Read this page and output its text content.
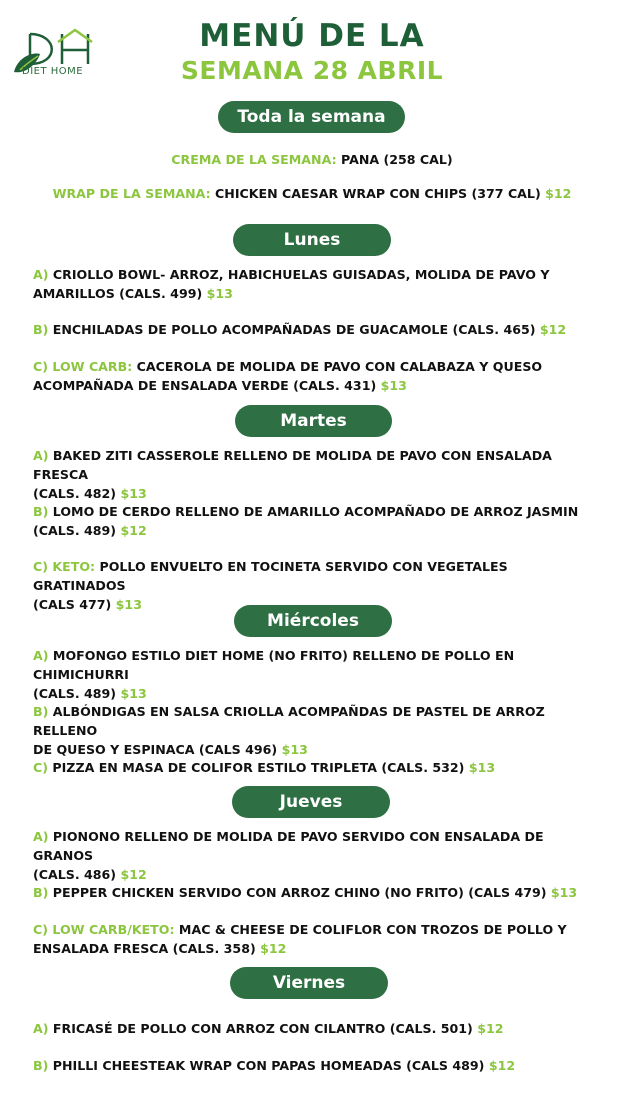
DIET HOME
MENÚ DE LA
SEMANA 28 ABRIL
Toda la semana
CREMA DE LA SEMANA: PANA (258 CAL)
WRAP DE LA SEMANA: CHICKEN CAESAR WRAP CON CHIPS (377 CAL) $12
Lunes
A) CRIOLLO BOWL- ARROZ, HABICHUELAS GUISADAS, MOLIDA DE PAVO Y
AMARILLOS (CALS. 499) $13
B) ENCHILADAS DE POLLO ACOMPAÑADAS DE GUACAMOLE (CALS. 465) $12
C) LOW CARB: CACEROLA DE MOLIDA DE PAVO CON CALABAZA Y QUESO
ACOMPAÑADA DE ENSALADA VERDE (CALS. 431) $13
Martes
A) BAKED ZITI CASSEROLE RELLENO DE MOLIDA DE PAVO CON ENSALADA FRESCA
(CALS. 482) $13
B) LOMO DE CERDO RELLENO DE AMARILLO ACOMPAÑADO DE ARROZ JASMIN
(CALS. 489) $12
C) KETO: POLLO ENVUELTO EN TOCINETA SERVIDO CON VEGETALES GRATINADOS
(CALS 477) $13
Miércoles
A) MOFONGO ESTILO DIET HOME (NO FRITO) RELLENO DE POLLO EN CHIMICHURRI
(CALS. 489) $13
B) ALBÓNDIGAS EN SALSA CRIOLLA ACOMPAÑDAS DE PASTEL DE ARROZ RELLENO
DE QUESO Y ESPINACA (CALS 496) $13
C) PIZZA EN MASA DE COLIFOR ESTILO TRIPLETA (CALS. 532) $13
Jueves
A) PIONONO RELLENO DE MOLIDA DE PAVO SERVIDO CON ENSALADA DE GRANOS
(CALS. 486) $12
B) PEPPER CHICKEN SERVIDO CON ARROZ CHINO (NO FRITO) (CALS 479) $13
C) LOW CARB/KETO: MAC & CHEESE DE COLIFLOR CON TROZOS DE POLLO Y
ENSALADA FRESCA (CALS. 358) $12
Viernes
A) FRICASÉ DE POLLO CON ARROZ CON CILANTRO (CALS. 501) $12
B) PHILLI CHEESTEAK WRAP CON PAPAS HOMEADAS (CALS 489) $12
